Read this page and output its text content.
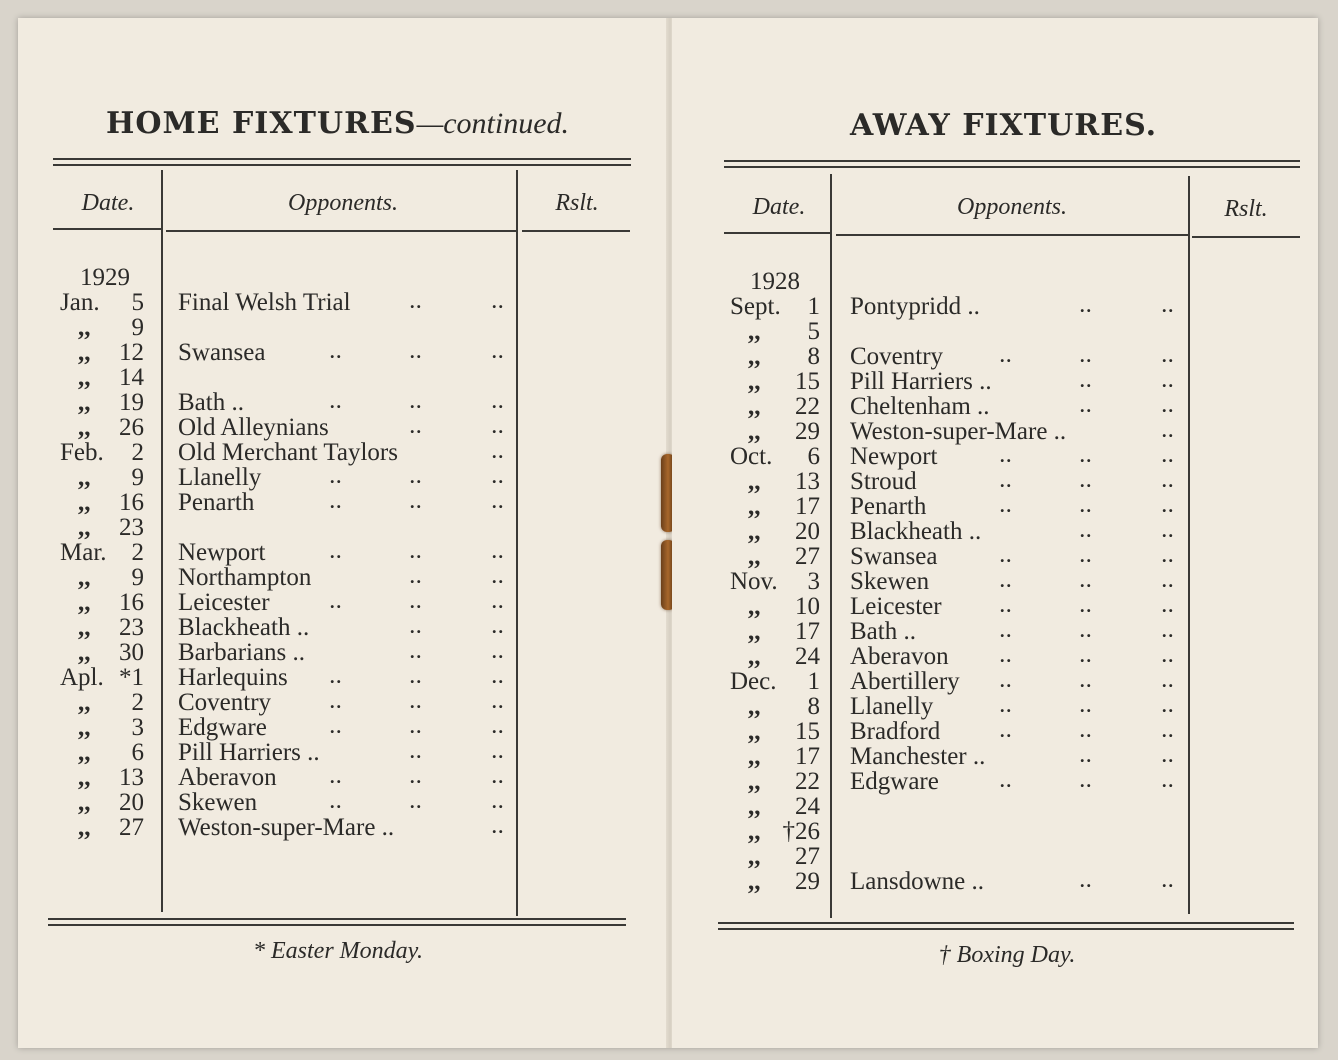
HOME FIXTURES—continued.
Date.	Opponents.	Rslt.
1929
Jan.	5 Final Welsh Trial	..	..
,,	9
,,	12 Swansea	..	..	..
,,	14
,,	19 Bath ..	..	..	..
,,	26 Old Alleynians	..	..
Feb.	2 Old Merchant Taylors	..
,,	9 Llanelly	..	..	..
,,	16 Penarth	..	..	..
,,	23
Mar. 2 Newport	..	..	..
,,	9 Northampton	..	..
,,	16 Leicester	..	..	..
,,	23 Blackheath ..	..	..
,,	30 Barbarians ..	..	..
Apl. *1 Harlequins ..	..	..
,,	2 Coventry	..	..	..
,,	3 Edgware	..	..	..
,,	6 Pill Harriers ..	..	..
,,	13 Aberavon	..	..	..
,,	20 Skewen	..	..	..
,,	27 Weston-super-Mare ..	..
* Easter Monday.
AWAY FIXTURES.
Date.	Opponents.	Rslt.
1928
Sept.	1 Pontypridd ..	..	..
,,	5
,,	8 Coventry	..	..	..
,,	15 Pill Harriers ..	..	..
,,	22 Cheltenham ..	..	..
,,	29 Weston-super-Mare ..	..
Oct.	6 Newport	..	..	..
,,	13 Stroud	..	..	..
,,	17 Penarth	..	..	..
,,	20 Blackheath ..	..	..
,,	27 Swansea	..	..	..
Nov.	3 Skewen	..	..	..
,,	10 Leicester	..	..	..
,,	17 Bath ..	..	..	..
,,	24 Aberavon	..	..	..
Dec.	1 Abertillery ..	..	..
,,	8 Llanelly	..	..	..
,,	15 Bradford	..	..	..
,,	17 Manchester ..	..	..
,,	22 Edgware	..	..	..
,,	24
,, †26
,,	27
,,	29 Lansdowne ..	..	..
† Boxing Day.
